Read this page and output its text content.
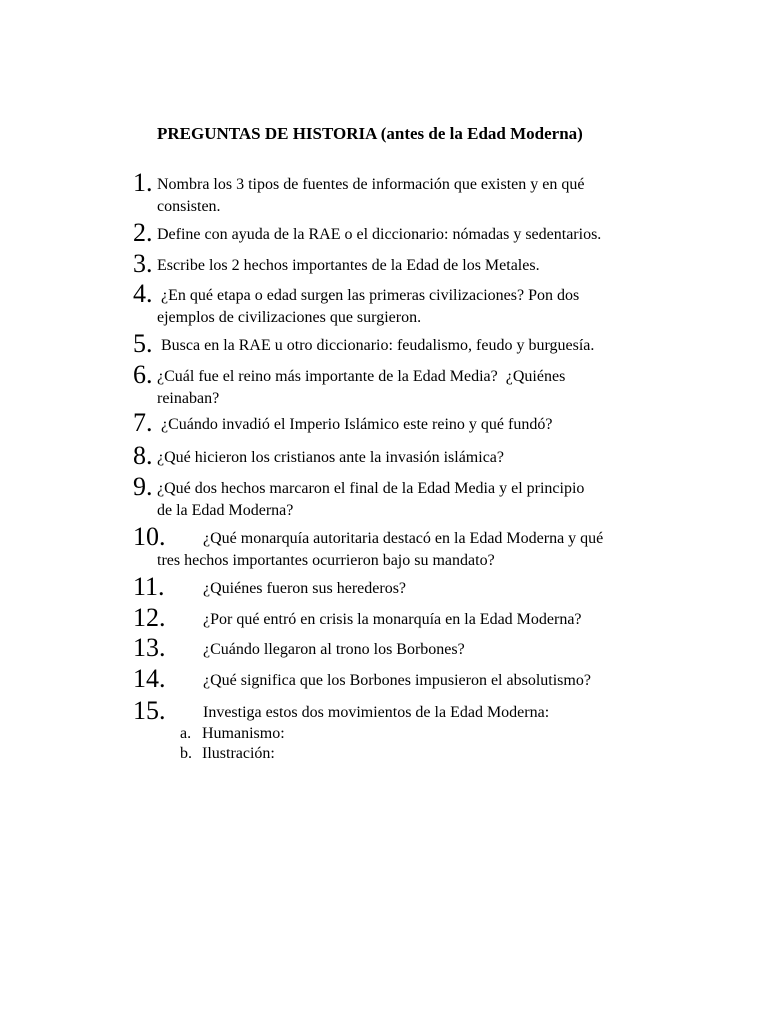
PREGUNTAS DE HISTORIA (antes de la Edad Moderna)
1. Nombra los 3 tipos de fuentes de información que existen y en qué
consisten.
2. Define con ayuda de la RAE o el diccionario: nómadas y sedentarios.
3. Escribe los 2 hechos importantes de la Edad de los Metales.
4. ¿En qué etapa o edad surgen las primeras civilizaciones? Pon dos
ejemplos de civilizaciones que surgieron.
5. Busca en la RAE u otro diccionario: feudalismo, feudo y burguesía.
6. ¿Cuál fue el reino más importante de la Edad Media?  ¿Quiénes
reinaban?
7. ¿Cuándo invadió el Imperio Islámico este reino y qué fundó?
8. ¿Qué hicieron los cristianos ante la invasión islámica?
9. ¿Qué dos hechos marcaron el final de la Edad Media y el principio
de la Edad Moderna?
10.	¿Qué monarquía autoritaria destacó en la Edad Moderna y qué
tres hechos importantes ocurrieron bajo su mandato?
11. ¿Quiénes fueron sus herederos?
12. ¿Por qué entró en crisis la monarquía en la Edad Moderna?
13. ¿Cuándo llegaron al trono los Borbones?
14. ¿Qué significa que los Borbones impusieron el absolutismo?
15. Investiga estos dos movimientos de la Edad Moderna:
a. Humanismo:
b. Ilustración:
